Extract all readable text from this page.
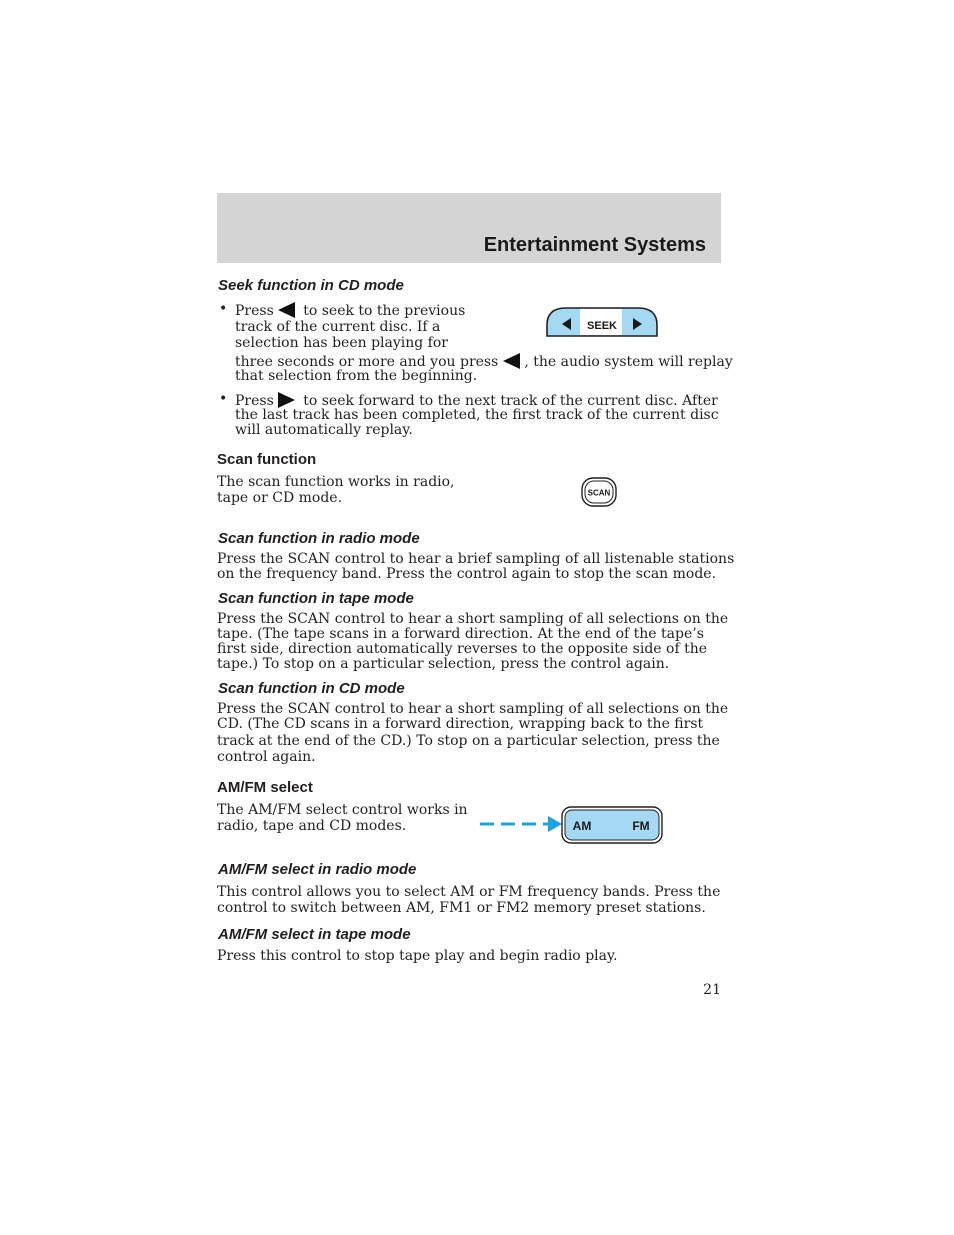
Entertainment Systems
Seek function in CD mode
• Press to seek to the previous
track of the current disc. If a
selection has been playing for
three seconds or more and you press , the audio system will replay
that selection from the beginning.
• Press to seek forward to the next track of the current disc. After
the last track has been completed, the first track of the current disc
will automatically replay.
SEEK
Scan function
The scan function works in radio,
tape or CD mode.	SCAN
Scan function in radio mode
Press the SCAN control to hear a brief sampling of all listenable stations
on the frequency band. Press the control again to stop the scan mode.
Scan function in tape mode
Press the SCAN control to hear a short sampling of all selections on the
tape. (The tape scans in a forward direction. At the end of the tape’s
first side, direction automatically reverses to the opposite side of the
tape.) To stop on a particular selection, press the control again.
Scan function in CD mode
Press the SCAN control to hear a short sampling of all selections on the
CD. (The CD scans in a forward direction, wrapping back to the first
track at the end of the CD.) To stop on a particular selection, press the
control again.
AM/FM select
The AM/FM select control works in
radio, tape and CD modes.	AM	FM
AM/FM select in radio mode
This control allows you to select AM or FM frequency bands. Press the
control to switch between AM, FM1 or FM2 memory preset stations.
AM/FM select in tape mode
Press this control to stop tape play and begin radio play.
21
